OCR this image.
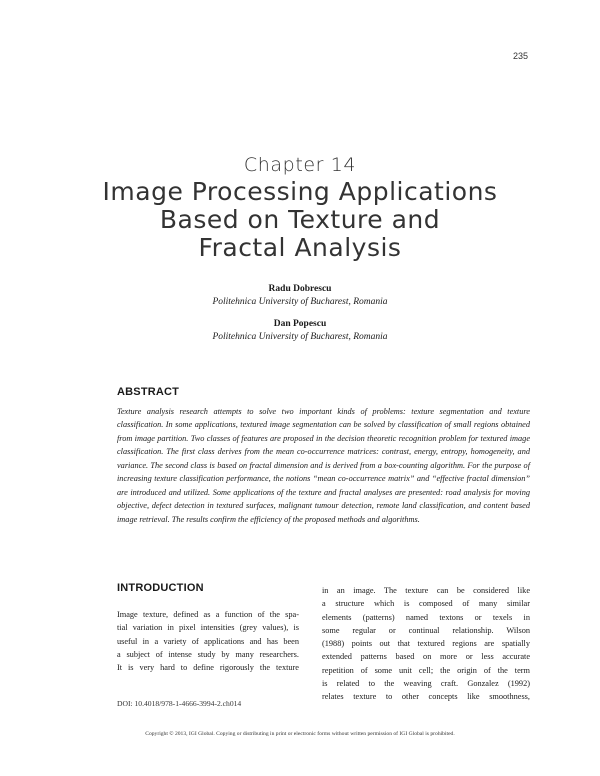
235
Chapter 14
Image Processing Applications
Based on Texture and
Fractal Analysis
Radu Dobrescu
Politehnica University of Bucharest, Romania
Dan Popescu
Politehnica University of Bucharest, Romania
ABSTRACT
Texture analysis research attempts to solve two important kinds of problems: texture segmentation and texture classification. In some applications, textured image segmentation can be solved by classification of small regions obtained from image partition. Two classes of features are proposed in the decision theoretic recognition problem for textured image classification. The first class derives from the mean co-occurrence matrices: contrast, energy, entropy, homogeneity, and variance. The second class is based on fractal dimension and is derived from a box-counting algorithm. For the purpose of increasing texture classification performance, the notions “mean co-occurrence matrix” and “effective fractal dimension” are introduced and utilized. Some applications of the texture and fractal analyses are presented: road analysis for moving objective, defect detection in textured surfaces, malignant tumour detection, remote land classification, and content based image retrieval. The results confirm the efficiency of the proposed methods and algorithms.
INTRODUCTION
Image texture, defined as a function of the spa-
tial variation in pixel intensities (grey values), is
useful in a variety of applications and has been
a subject of intense study by many researchers.
It is very hard to define rigorously the texture
in an image. The texture can be considered like
a structure which is composed of many similar
elements (patterns) named textons or texels in
some regular or continual relationship. Wilson
(1988) points out that textured regions are spatially
extended patterns based on more or less accurate
repetition of some unit cell; the origin of the term
is related to the weaving craft. Gonzalez (1992)
relates texture to other concepts like smoothness,
DOI: 10.4018/978-1-4666-3994-2.ch014
Copyright © 2013, IGI Global. Copying or distributing in print or electronic forms without written permission of IGI Global is prohibited.
